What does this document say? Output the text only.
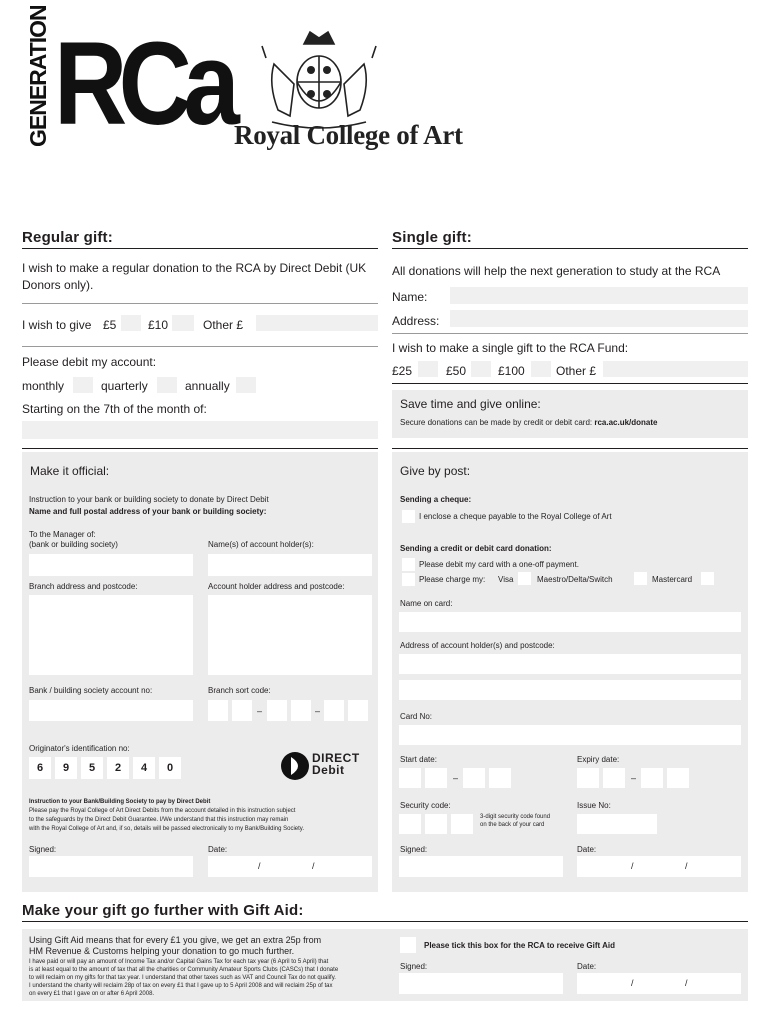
GENERATION RCa Royal College of Art
Regular gift:
I wish to make a regular donation to the RCA by Direct Debit (UK Donors only).
I wish to give £5	£10	Other £
Please debit my account:
monthly	quarterly	annually
Starting on the 7th of the month of:
Single gift:
All donations will help the next generation to study at the RCA
Name:
Address:
I wish to make a single gift to the RCA Fund:
£25	£50	£100	Other £
Save time and give online:
Secure donations can be made by credit or debit card: rca.ac.uk/donate
Make it official:
Instruction to your bank or building society to donate by Direct Debit
Name and full postal address of your bank or building society:
To the Manager of:
(bank or building society)	Name(s) of account holder(s):
Branch address and postcode:	Account holder address and postcode:
Bank / building society account no:	Branch sort code:
–	–
Originator's identification no:
6	9	5	2	4	0
DIRECT
Debit
Instruction to your Bank/Building Society to pay by Direct Debit
Please pay the Royal College of Art Direct Debits from the account detailed in this instruction subject
to the safeguards by the Direct Debit Guarantee. I/We understand that this instruction may remain
with the Royal College of Art and, if so, details will be passed electronically to my Bank/Building Society.
Signed:	Date:
/	/
Give by post:
Sending a cheque:
I enclose a cheque payable to the Royal College of Art
Sending a credit or debit card donation:
Please debit my card with a one-off payment.
Please charge my: Visa	Maestro/Delta/Switch	Mastercard
Name on card:
Address of account holder(s) and postcode:
Card No:
Start date:	Expiry date:
–	–
Security code:	Issue No:
3-digit security code found
on the back of your card
Signed:	Date:
/	/
Make your gift go further with Gift Aid:
Using Gift Aid means that for every £1 you give, we get an extra 25p from
HM Revenue & Customs helping your donation to go much further.
I have paid or will pay an amount of Income Tax and/or Capital Gains Tax for each tax year (6 April to 5 April) that
is at least equal to the amount of tax that all the charities or Community Amateur Sports Clubs (CASCs) that I donate
to will reclaim on my gifts for that tax year. I understand that other taxes such as VAT and Council Tax do not qualify.
I understand the charity will reclaim 28p of tax on every £1 that I gave up to 5 April 2008 and will reclaim 25p of tax
on every £1 that I gave on or after 6 April 2008.
Please tick this box for the RCA to receive Gift Aid
Signed:	Date:
/	/
